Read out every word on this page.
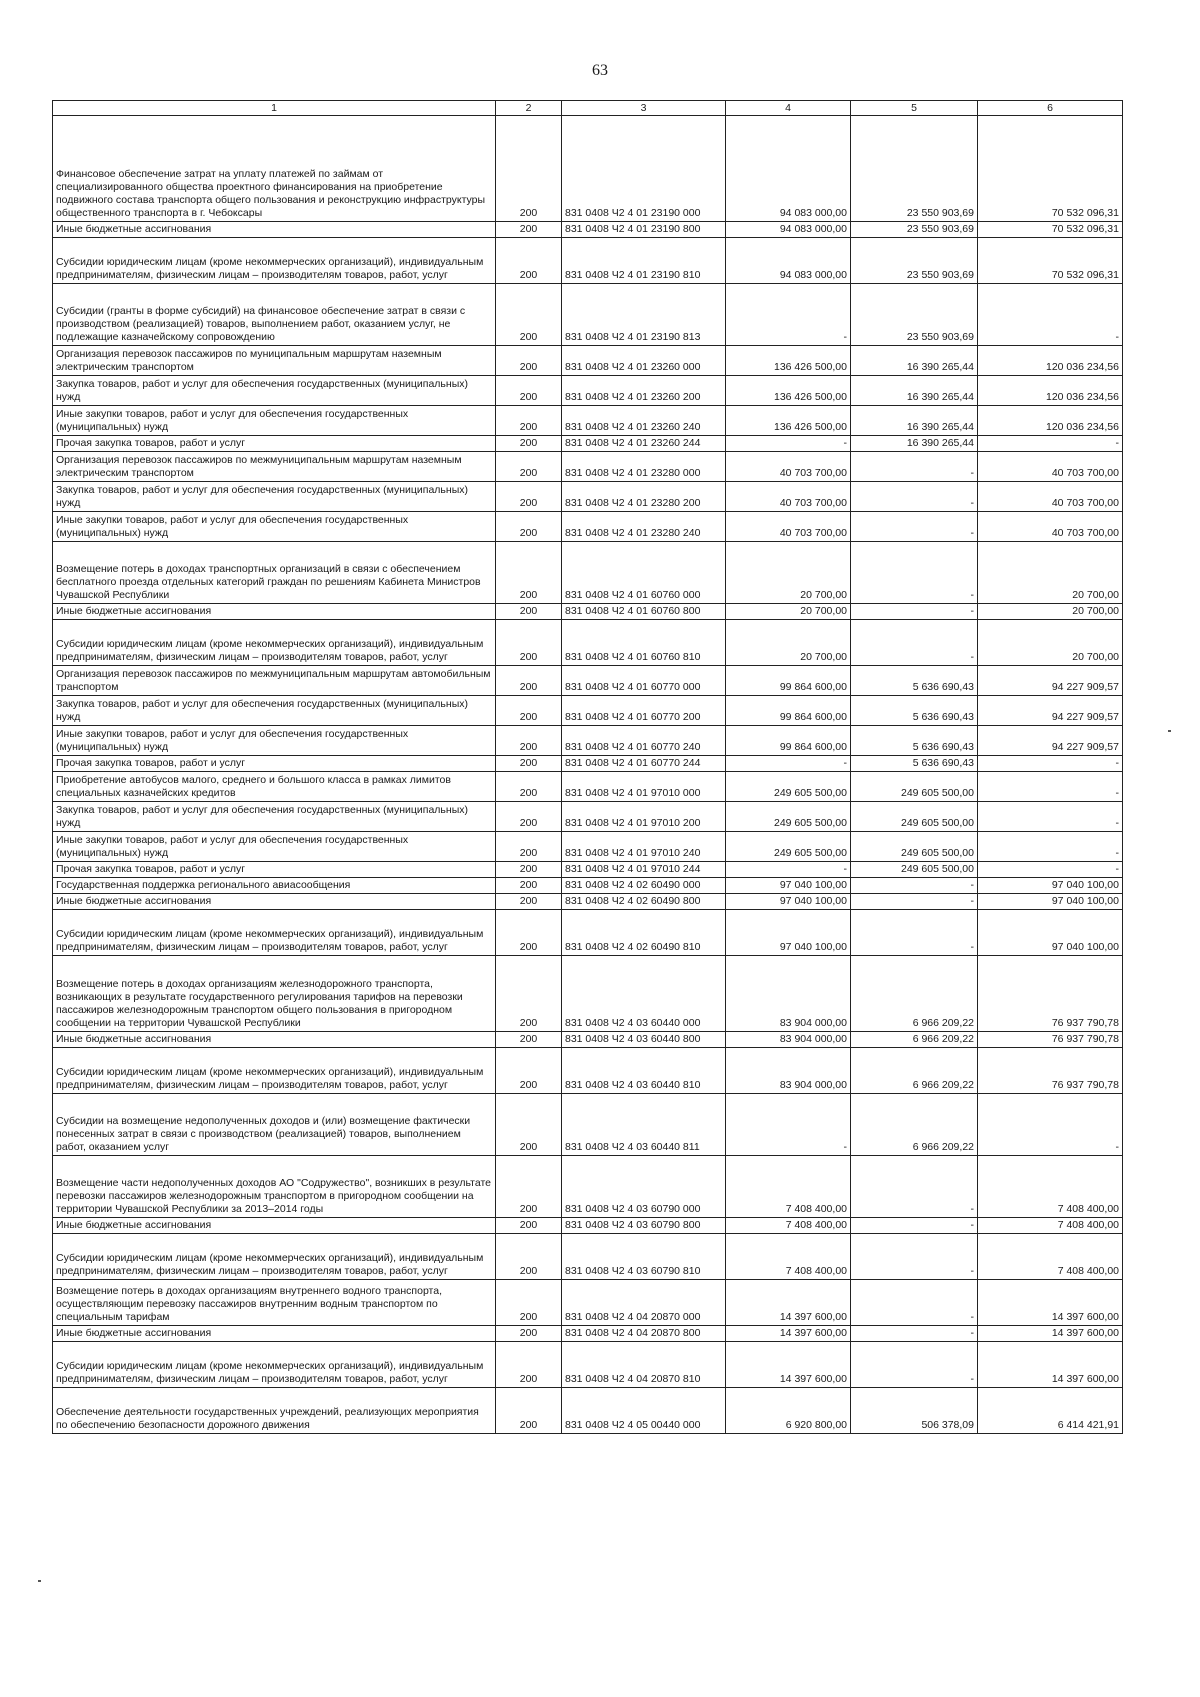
63
1	2	3	4	5	6
Финансовое обеспечение затрат на уплату платежей по займам от специализированного общества проектного финансирования на приобретение подвижного состава транспорта общего пользования и реконструкцию инфраструктуры общественного транспорта в г. Чебоксары	200	831 0408 Ч2 4 01 23190 000	94 083 000,00	23 550 903,69	70 532 096,31
Иные бюджетные ассигнования	200	831 0408 Ч2 4 01 23190 800	94 083 000,00	23 550 903,69	70 532 096,31
Субсидии юридическим лицам (кроме некоммерческих организаций), индивидуальным предпринимателям, физическим лицам – производителям товаров, работ, услуг	200	831 0408 Ч2 4 01 23190 810	94 083 000,00	23 550 903,69	70 532 096,31
Субсидии (гранты в форме субсидий) на финансовое обеспечение затрат в связи с производством (реализацией) товаров, выполнением работ, оказанием услуг, не подлежащие казначейскому сопровождению	200	831 0408 Ч2 4 01 23190 813	-	23 550 903,69	-
Организация перевозок пассажиров по муниципальным маршрутам наземным электрическим транспортом	200	831 0408 Ч2 4 01 23260 000	136 426 500,00	16 390 265,44	120 036 234,56
Закупка товаров, работ и услуг для обеспечения государственных (муниципальных) нужд	200	831 0408 Ч2 4 01 23260 200	136 426 500,00	16 390 265,44	120 036 234,56
Иные закупки товаров, работ и услуг для обеспечения государственных (муниципальных) нужд	200	831 0408 Ч2 4 01 23260 240	136 426 500,00	16 390 265,44	120 036 234,56
Прочая закупка товаров, работ и услуг	200	831 0408 Ч2 4 01 23260 244	-	16 390 265,44	-
Организация перевозок пассажиров по межмуниципальным маршрутам наземным электрическим транспортом	200	831 0408 Ч2 4 01 23280 000	40 703 700,00	-	40 703 700,00
Закупка товаров, работ и услуг для обеспечения государственных (муниципальных) нужд	200	831 0408 Ч2 4 01 23280 200	40 703 700,00	-	40 703 700,00
Иные закупки товаров, работ и услуг для обеспечения государственных (муниципальных) нужд	200	831 0408 Ч2 4 01 23280 240	40 703 700,00	-	40 703 700,00
Возмещение потерь в доходах транспортных организаций в связи с обеспечением бесплатного проезда отдельных категорий граждан по решениям Кабинета Министров Чувашской Республики	200	831 0408 Ч2 4 01 60760 000	20 700,00	-	20 700,00
Иные бюджетные ассигнования	200	831 0408 Ч2 4 01 60760 800	20 700,00	-	20 700,00
Субсидии юридическим лицам (кроме некоммерческих организаций), индивидуальным предпринимателям, физическим лицам – производителям товаров, работ, услуг	200	831 0408 Ч2 4 01 60760 810	20 700,00	-	20 700,00
Организация перевозок пассажиров по межмуниципальным маршрутам автомобильным транспортом	200	831 0408 Ч2 4 01 60770 000	99 864 600,00	5 636 690,43	94 227 909,57
Закупка товаров, работ и услуг для обеспечения государственных (муниципальных) нужд	200	831 0408 Ч2 4 01 60770 200	99 864 600,00	5 636 690,43	94 227 909,57
Иные закупки товаров, работ и услуг для обеспечения государственных (муниципальных) нужд	200	831 0408 Ч2 4 01 60770 240	99 864 600,00	5 636 690,43	94 227 909,57
Прочая закупка товаров, работ и услуг	200	831 0408 Ч2 4 01 60770 244	-	5 636 690,43	-
Приобретение автобусов малого, среднего и большого класса в рамках лимитов специальных казначейских кредитов	200	831 0408 Ч2 4 01 97010 000	249 605 500,00	249 605 500,00	-
Закупка товаров, работ и услуг для обеспечения государственных (муниципальных) нужд	200	831 0408 Ч2 4 01 97010 200	249 605 500,00	249 605 500,00	-
Иные закупки товаров, работ и услуг для обеспечения государственных (муниципальных) нужд	200	831 0408 Ч2 4 01 97010 240	249 605 500,00	249 605 500,00	-
Прочая закупка товаров, работ и услуг	200	831 0408 Ч2 4 01 97010 244	-	249 605 500,00	-
Государственная поддержка регионального авиасообщения	200	831 0408 Ч2 4 02 60490 000	97 040 100,00	-	97 040 100,00
Иные бюджетные ассигнования	200	831 0408 Ч2 4 02 60490 800	97 040 100,00	-	97 040 100,00
Субсидии юридическим лицам (кроме некоммерческих организаций), индивидуальным предпринимателям, физическим лицам – производителям товаров, работ, услуг	200	831 0408 Ч2 4 02 60490 810	97 040 100,00	-	97 040 100,00
Возмещение потерь в доходах организациям железнодорожного транспорта, возникающих в результате государственного регулирования тарифов на перевозки пассажиров железнодорожным транспортом общего пользования в пригородном сообщении на территории Чувашской Республики	200	831 0408 Ч2 4 03 60440 000	83 904 000,00	6 966 209,22	76 937 790,78
Иные бюджетные ассигнования	200	831 0408 Ч2 4 03 60440 800	83 904 000,00	6 966 209,22	76 937 790,78
Субсидии юридическим лицам (кроме некоммерческих организаций), индивидуальным предпринимателям, физическим лицам – производителям товаров, работ, услуг	200	831 0408 Ч2 4 03 60440 810	83 904 000,00	6 966 209,22	76 937 790,78
Субсидии на возмещение недополученных доходов и (или) возмещение фактически понесенных затрат в связи с производством (реализацией) товаров, выполнением работ, оказанием услуг	200	831 0408 Ч2 4 03 60440 811	-	6 966 209,22	-
Возмещение части недополученных доходов АО "Содружество", возникших в результате перевозки пассажиров железнодорожным транспортом в пригородном сообщении на территории Чувашской Республики за 2013–2014 годы	200	831 0408 Ч2 4 03 60790 000	7 408 400,00	-	7 408 400,00
Иные бюджетные ассигнования	200	831 0408 Ч2 4 03 60790 800	7 408 400,00	-	7 408 400,00
Субсидии юридическим лицам (кроме некоммерческих организаций), индивидуальным предпринимателям, физическим лицам – производителям товаров, работ, услуг	200	831 0408 Ч2 4 03 60790 810	7 408 400,00	-	7 408 400,00
Возмещение потерь в доходах организациям внутреннего водного транспорта, осуществляющим перевозку пассажиров внутренним водным транспортом по специальным тарифам	200	831 0408 Ч2 4 04 20870 000	14 397 600,00	-	14 397 600,00
Иные бюджетные ассигнования	200	831 0408 Ч2 4 04 20870 800	14 397 600,00	-	14 397 600,00
Субсидии юридическим лицам (кроме некоммерческих организаций), индивидуальным предпринимателям, физическим лицам – производителям товаров, работ, услуг	200	831 0408 Ч2 4 04 20870 810	14 397 600,00	-	14 397 600,00
Обеспечение деятельности государственных учреждений, реализующих мероприятия по обеспечению безопасности дорожного движения	200	831 0408 Ч2 4 05 00440 000	6 920 800,00	506 378,09	6 414 421,91
